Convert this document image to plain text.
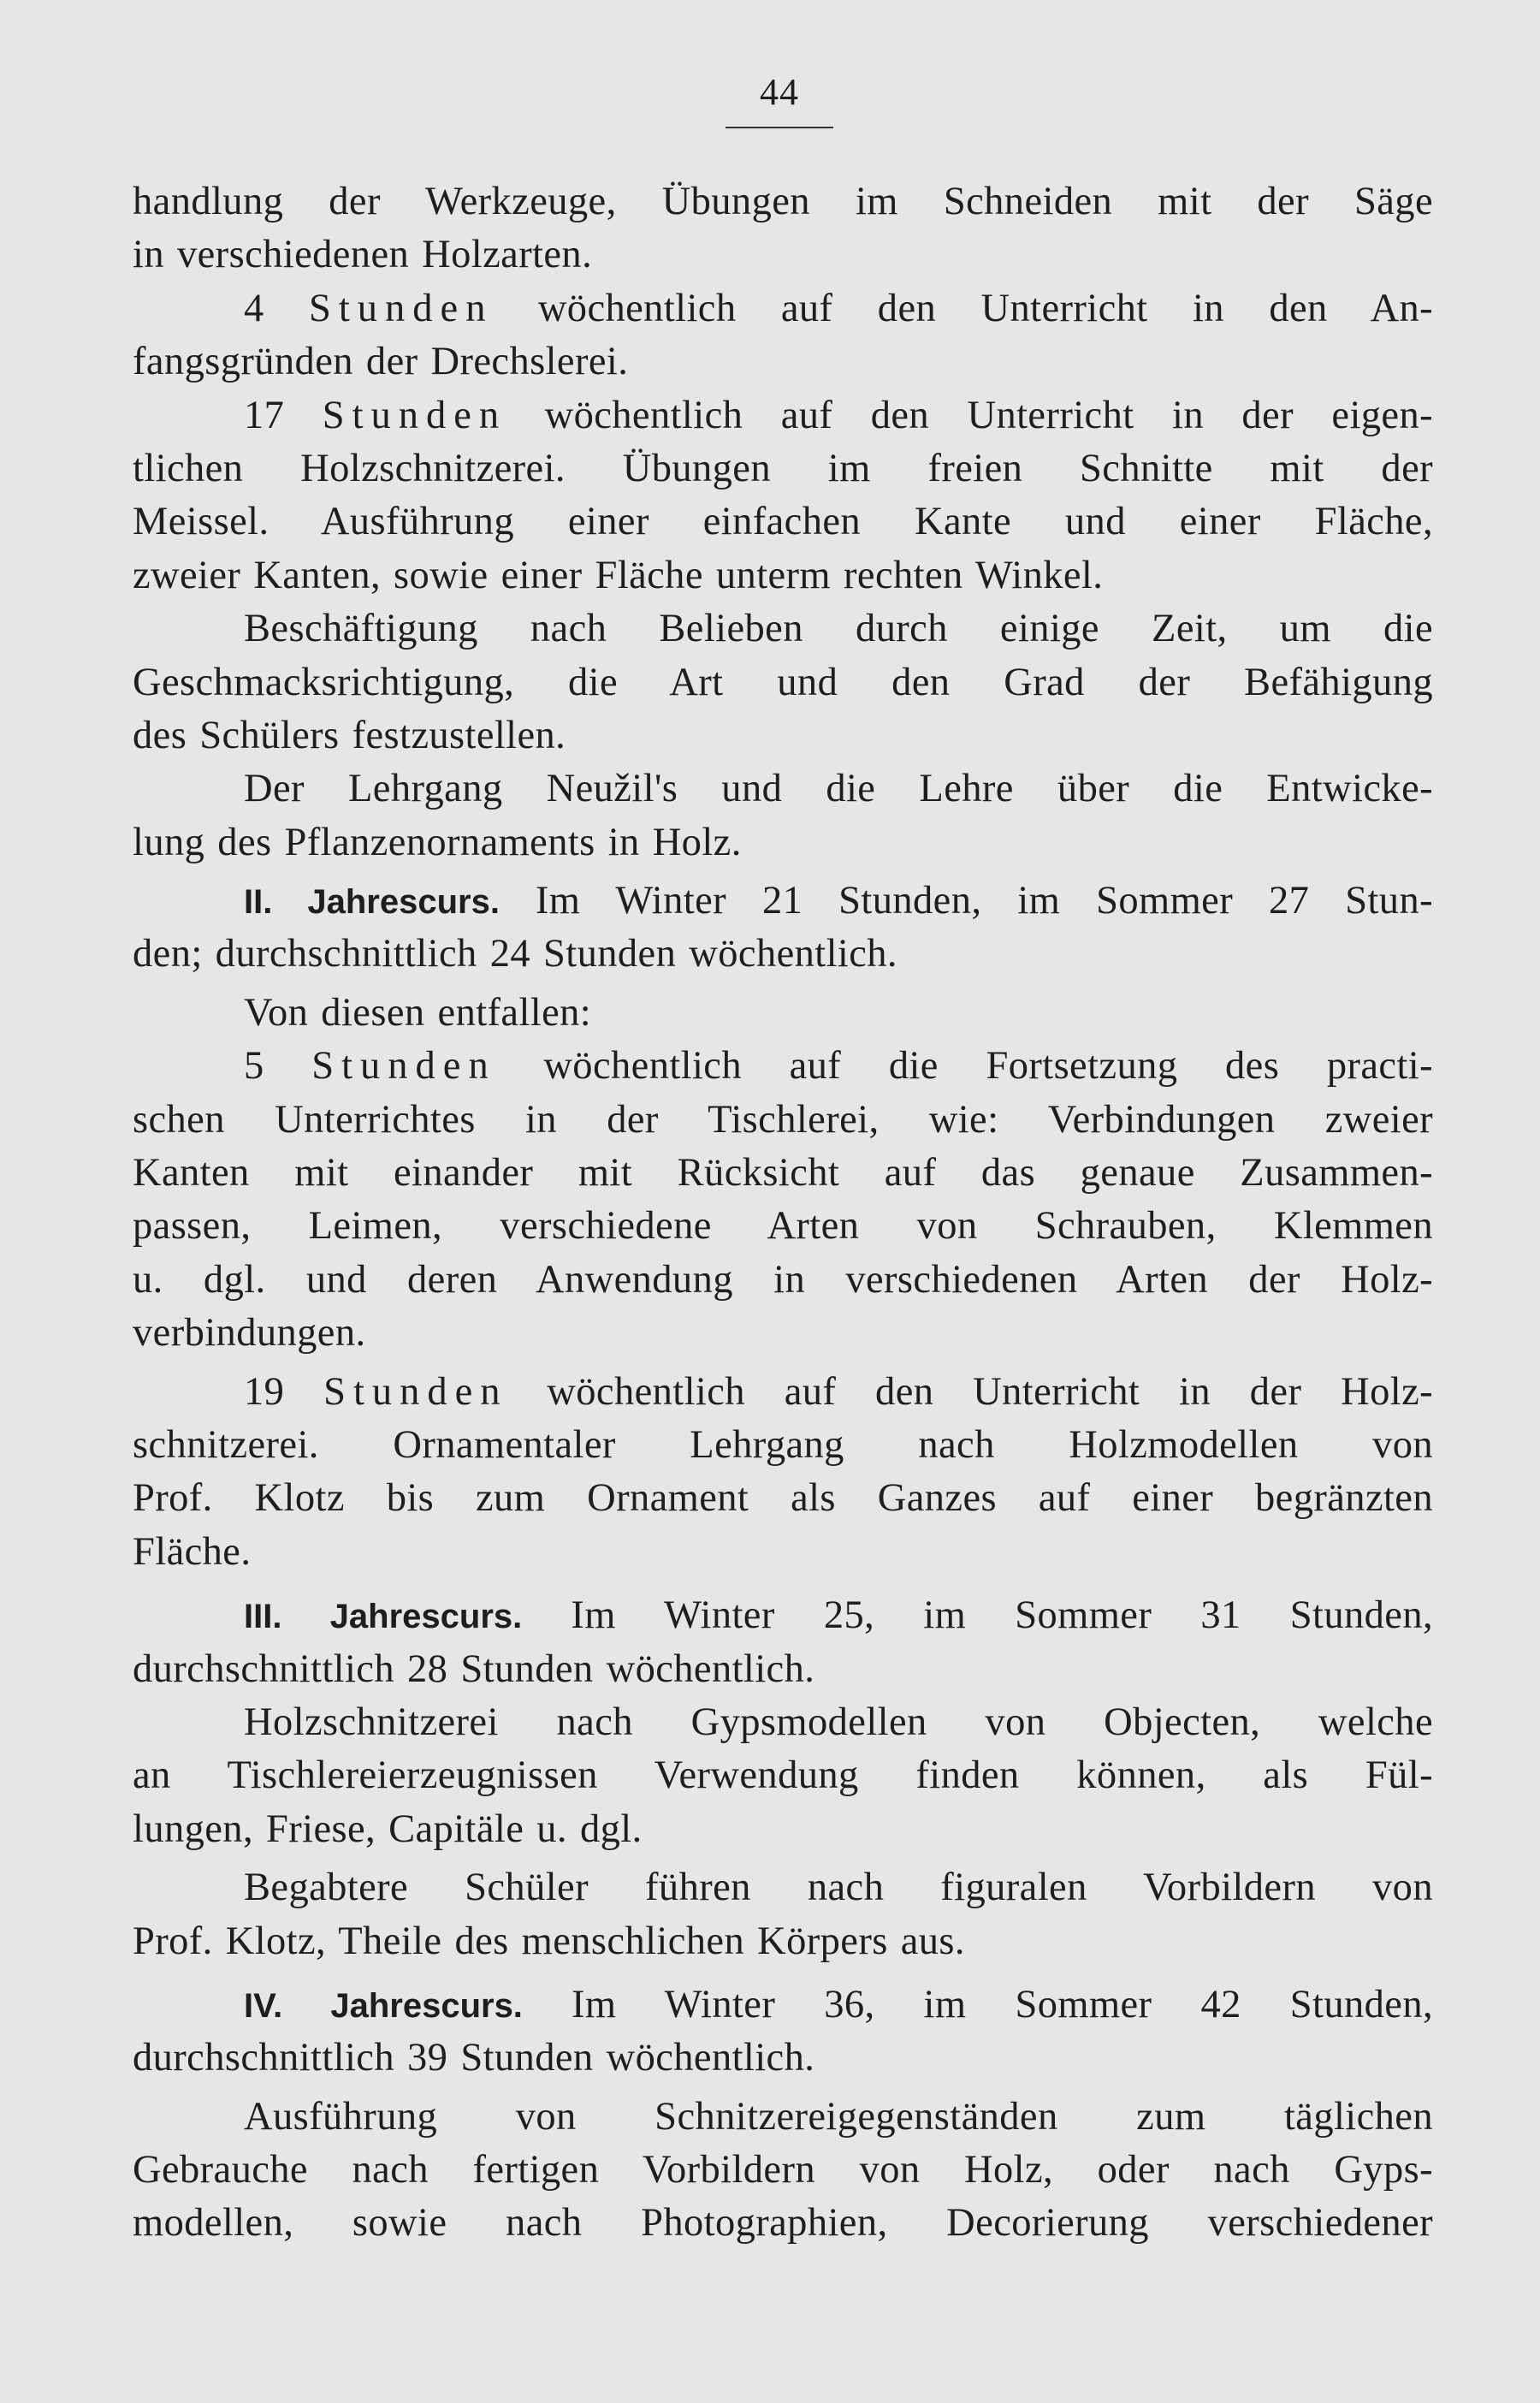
44
handlung der Werkzeuge, Übungen im Schneiden mit der Säge
in verschiedenen Holzarten.
4 Stunden wöchentlich auf den Unterricht in den An-
fangsgründen der Drechslerei.
17 Stunden wöchentlich auf den Unterricht in der eigen-
tlichen Holzschnitzerei. Übungen im freien Schnitte mit der
Meissel. Ausführung einer einfachen Kante und einer Fläche,
zweier Kanten, sowie einer Fläche unterm rechten Winkel.
Beschäftigung nach Belieben durch einige Zeit, um die
Geschmacksrichtigung, die Art und den Grad der Befähigung
des Schülers festzustellen.
Der Lehrgang Neužil's und die Lehre über die Entwicke-
lung des Pflanzenornaments in Holz.
II. Jahrescurs. Im Winter 21 Stunden, im Sommer 27 Stun-
den; durchschnittlich 24 Stunden wöchentlich.
Von diesen entfallen:
5 Stunden wöchentlich auf die Fortsetzung des practi-
schen Unterrichtes in der Tischlerei, wie: Verbindungen zweier
Kanten mit einander mit Rücksicht auf das genaue Zusammen-
passen, Leimen, verschiedene Arten von Schrauben, Klemmen
u. dgl. und deren Anwendung in verschiedenen Arten der Holz-
verbindungen.
19 Stunden wöchentlich auf den Unterricht in der Holz-
schnitzerei. Ornamentaler Lehrgang nach Holzmodellen von
Prof. Klotz bis zum Ornament als Ganzes auf einer begränzten
Fläche.
III. Jahrescurs. Im Winter 25, im Sommer 31 Stunden,
durchschnittlich 28 Stunden wöchentlich.
Holzschnitzerei nach Gypsmodellen von Objecten, welche
an Tischlereierzeugnissen Verwendung finden können, als Fül-
lungen, Friese, Capitäle u. dgl.
Begabtere Schüler führen nach figuralen Vorbildern von
Prof. Klotz, Theile des menschlichen Körpers aus.
IV. Jahrescurs. Im Winter 36, im Sommer 42 Stunden,
durchschnittlich 39 Stunden wöchentlich.
Ausführung von Schnitzereigegenständen zum täglichen
Gebrauche nach fertigen Vorbildern von Holz, oder nach Gyps-
modellen, sowie nach Photographien, Decorierung verschiedener
